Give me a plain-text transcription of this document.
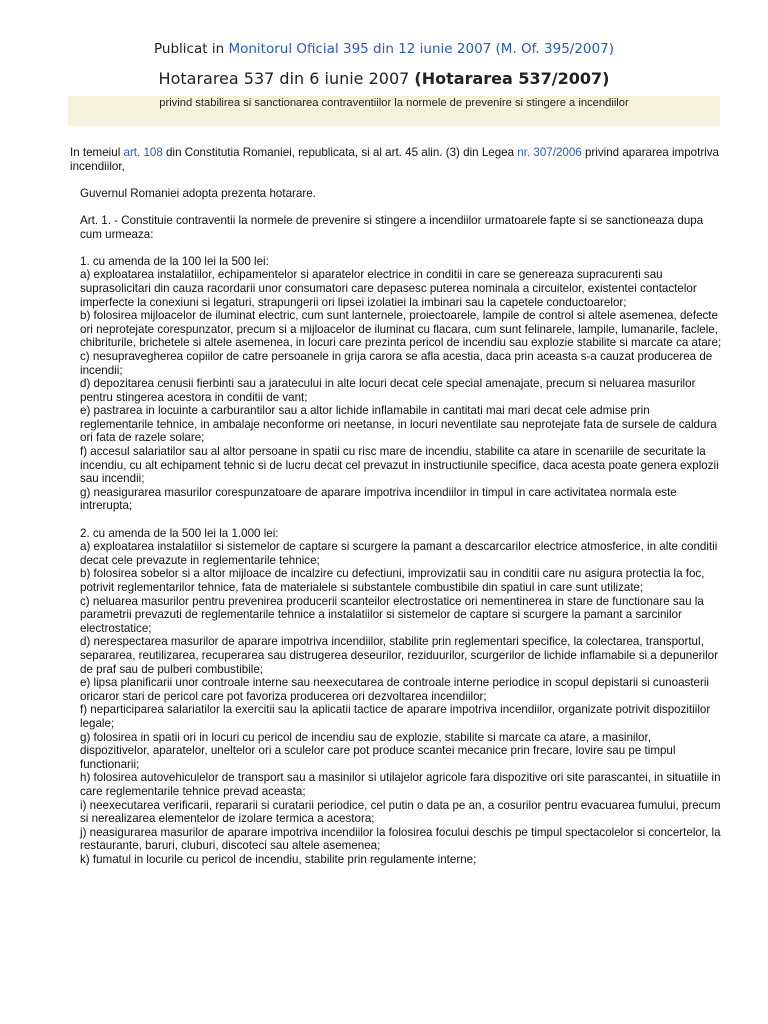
Publicat in Monitorul Oficial 395 din 12 iunie 2007 (M. Of. 395/2007)
Hotararea 537 din 6 iunie 2007 (Hotararea 537/2007)
privind stabilirea si sanctionarea contraventiilor la normele de prevenire si stingere a incendiilor

In temeiul art. 108 din Constitutia Romaniei, republicata, si al art. 45 alin. (3) din Legea nr. 307/2006 privind apararea impotriva incendiilor,

Guvernul Romaniei adopta prezenta hotarare.

Art. 1. - Constituie contraventii la normele de prevenire si stingere a incendiilor urmatoarele fapte si se sanctioneaza dupa cum urmeaza:

1. cu amenda de la 100 lei la 500 lei:

a) exploatarea instalatiilor, echipamentelor si aparatelor electrice in conditii in care se genereaza supracurenti sau suprasolicitari din cauza racordarii unor consumatori care depasesc puterea nominala a circuitelor, existentei contactelor imperfecte la conexiuni si legaturi, strapungerii ori lipsei izolatiei la imbinari sau la capetele conductoarelor;

b) folosirea mijloacelor de iluminat electric, cum sunt lanternele, proiectoarele, lampile de control si altele asemenea, defecte ori neprotejate corespunzator, precum si a mijloacelor de iluminat cu flacara, cum sunt felinarele, lampile, lumanarile, faclele, chibriturile, brichetele si altele asemenea, in locuri care prezinta pericol de incendiu sau explozie stabilite si marcate ca atare;

c) nesupravegherea copiilor de catre persoanele in grija carora se afla acestia, daca prin aceasta s-a cauzat producerea de incendii;

d) depozitarea cenusii fierbinti sau a jaratecului in alte locuri decat cele special amenajate, precum si neluarea masurilor pentru stingerea acestora in conditii de vant;

e) pastrarea in locuinte a carburantilor sau a altor lichide inflamabile in cantitati mai mari decat cele admise prin reglementarile tehnice, in ambalaje neconforme ori neetanse, in locuri neventilate sau neprotejate fata de sursele de caldura ori fata de razele solare;

f) accesul salariatilor sau al altor persoane in spatii cu risc mare de incendiu, stabilite ca atare in scenariile de securitate la incendiu, cu alt echipament tehnic si de lucru decat cel prevazut in instructiunile specifice, daca acesta poate genera explozii sau incendii;

g) neasigurarea masurilor corespunzatoare de aparare impotriva incendiilor in timpul in care activitatea normala este intrerupta;

2. cu amenda de la 500 lei la 1.000 lei:

a) exploatarea instalatiilor si sistemelor de captare si scurgere la pamant a descarcarilor electrice atmosferice, in alte conditii decat cele prevazute in reglementarile tehnice;

b) folosirea sobelor si a altor mijloace de incalzire cu defectiuni, improvizatii sau in conditii care nu asigura protectia la foc, potrivit reglementarilor tehnice, fata de materialele si substantele combustibile din spatiul in care sunt utilizate;

c) neluarea masurilor pentru prevenirea producerii scanteilor electrostatice ori nementinerea in stare de functionare sau la parametrii prevazuti de reglementarile tehnice a instalatiilor si sistemelor de captare si scurgere la pamant a sarcinilor electrostatice;

d) nerespectarea masurilor de aparare impotriva incendiilor, stabilite prin reglementari specifice, la colectarea, transportul, separarea, reutilizarea, recuperarea sau distrugerea deseurilor, reziduurilor, scurgerilor de lichide inflamabile si a depunerilor de praf sau de pulberi combustibile;

e) lipsa planificarii unor controale interne sau neexecutarea de controale interne periodice in scopul depistarii si cunoasterii oricaror stari de pericol care pot favoriza producerea ori dezvoltarea incendiilor;

f) neparticiparea salariatilor la exercitii sau la aplicatii tactice de aparare impotriva incendiilor, organizate potrivit dispozitiilor legale;

g) folosirea in spatii ori in locuri cu pericol de incendiu sau de explozie, stabilite si marcate ca atare, a masinilor, dispozitivelor, aparatelor, uneltelor ori a sculelor care pot produce scantei mecanice prin frecare, lovire sau pe timpul functionarii;

h) folosirea autovehiculelor de transport sau a masinilor si utilajelor agricole fara dispozitive ori site parascantei, in situatiile in care reglementarile tehnice prevad aceasta;

i) neexecutarea verificarii, repararii si curatarii periodice, cel putin o data pe an, a cosurilor pentru evacuarea fumului, precum si nerealizarea elementelor de izolare termica a acestora;

j) neasigurarea masurilor de aparare impotriva incendiilor la folosirea focului deschis pe timpul spectacolelor si concertelor, la restaurante, baruri, cluburi, discoteci sau altele asemenea;

k) fumatul in locurile cu pericol de incendiu, stabilite prin regulamente interne;
